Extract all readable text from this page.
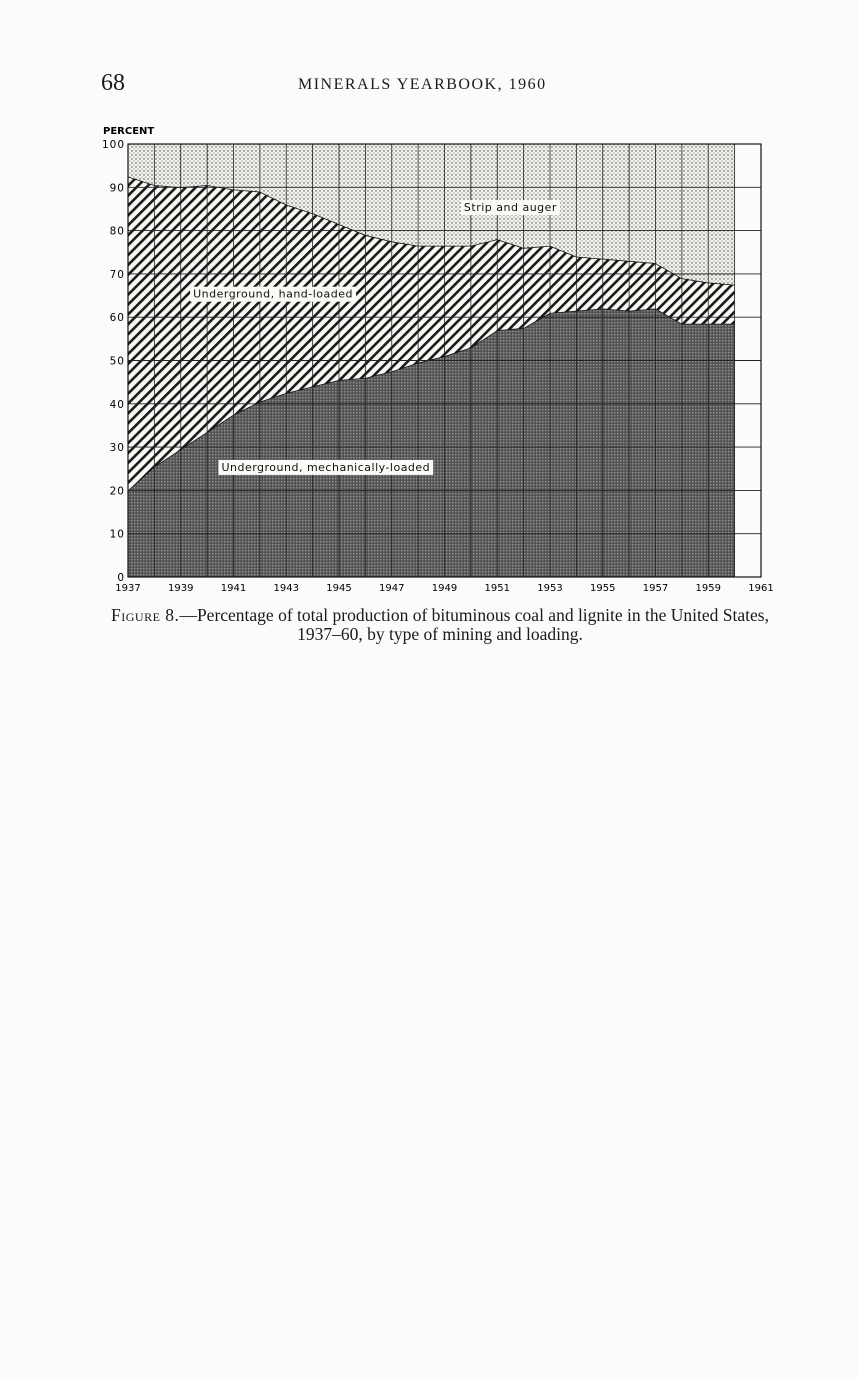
68	MINERALS YEARBOOK, 1960
0
10
20
30
40
50
60
70
80
90
100
1937	1939	1941	1943	1945	1947	1949	1951	1953	1955	1957	1959	1961
Underground, mechanically-loaded
Underground, hand-loaded
Strip and auger
PERCENT
Figure 8.—Percentage of total production of bituminous coal and lignite in the United States, 1937–60, by type of mining and loading.
